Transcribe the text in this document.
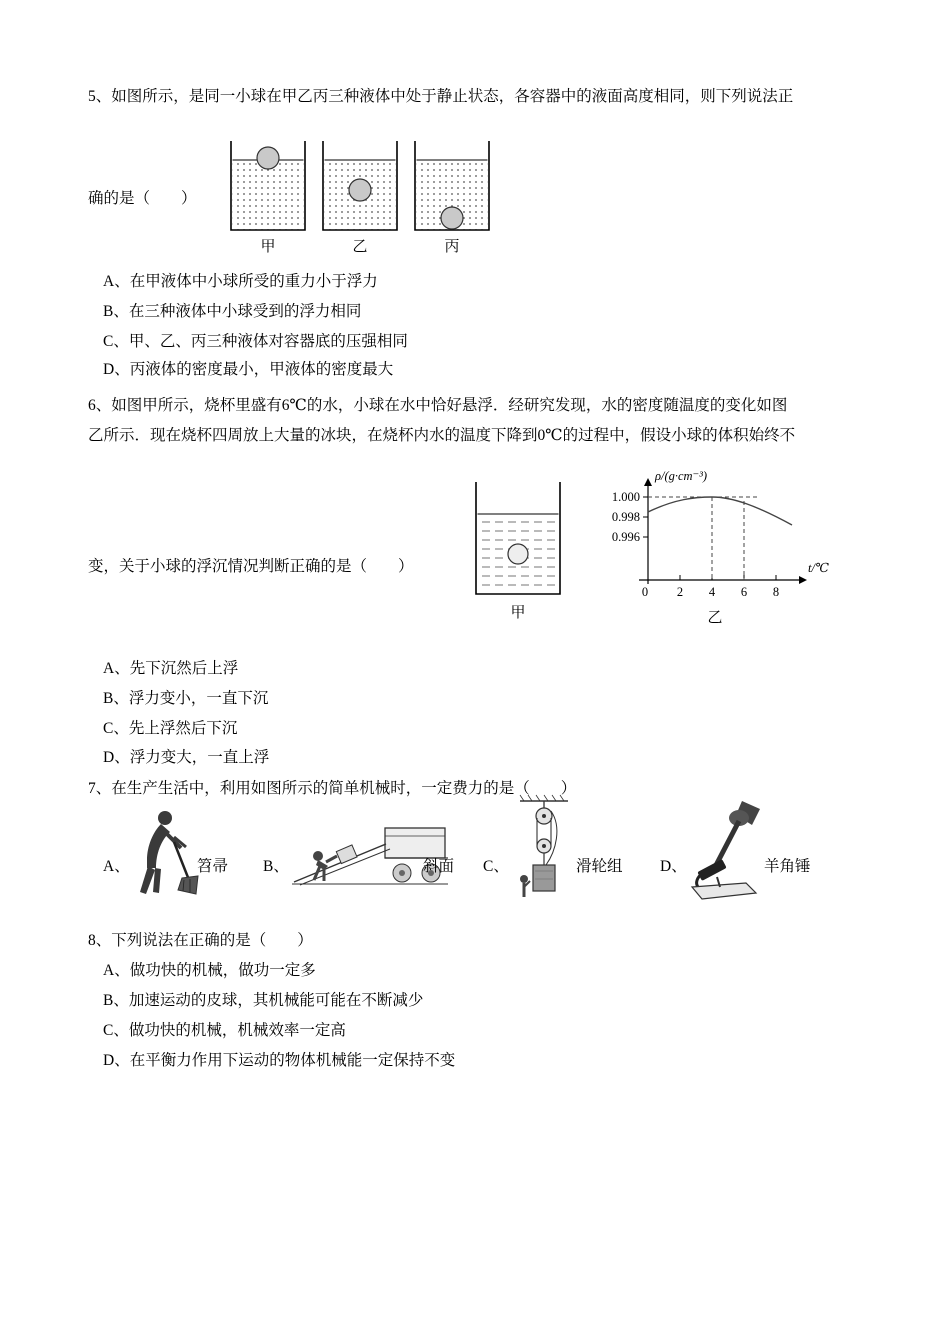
5、如图所示，是同一小球在甲乙丙三种液体中处于静止状态，各容器中的液面高度相同，则下列说法正
甲	乙	丙
确的是（　　）
A、在甲液体中小球所受的重力小于浮力
B、在三种液体中小球受到的浮力相同
C、甲、乙、丙三种液体对容器底的压强相同
D、丙液体的密度最小，甲液体的密度最大
6、如图甲所示，烧杯里盛有6℃的水，小球在水中恰好悬浮．经研究发现，水的密度随温度的变化如图
乙所示．现在烧杯四周放上大量的冰块，在烧杯内水的温度下降到0℃的过程中，假设小球的体积始终不
甲
1.000
0.998
0.996
0 2 4 6 8
ρ/(g·cm⁻³)
t/℃
乙
变，关于小球的浮沉情况判断正确的是（　　）
A、先下沉然后上浮
B、浮力变小，一直下沉
C、先上浮然后下沉
D、浮力变大，一直上浮
7、在生产生活中，利用如图所示的简单机械时，一定费力的是（　　）
A、	笤帚 B、	斜面 C、	滑轮组 D、	羊角锤
8、下列说法在正确的是（　　）
A、做功快的机械，做功一定多
B、加速运动的皮球，其机械能可能在不断减少
C、做功快的机械，机械效率一定高
D、在平衡力作用下运动的物体机械能一定保持不变
